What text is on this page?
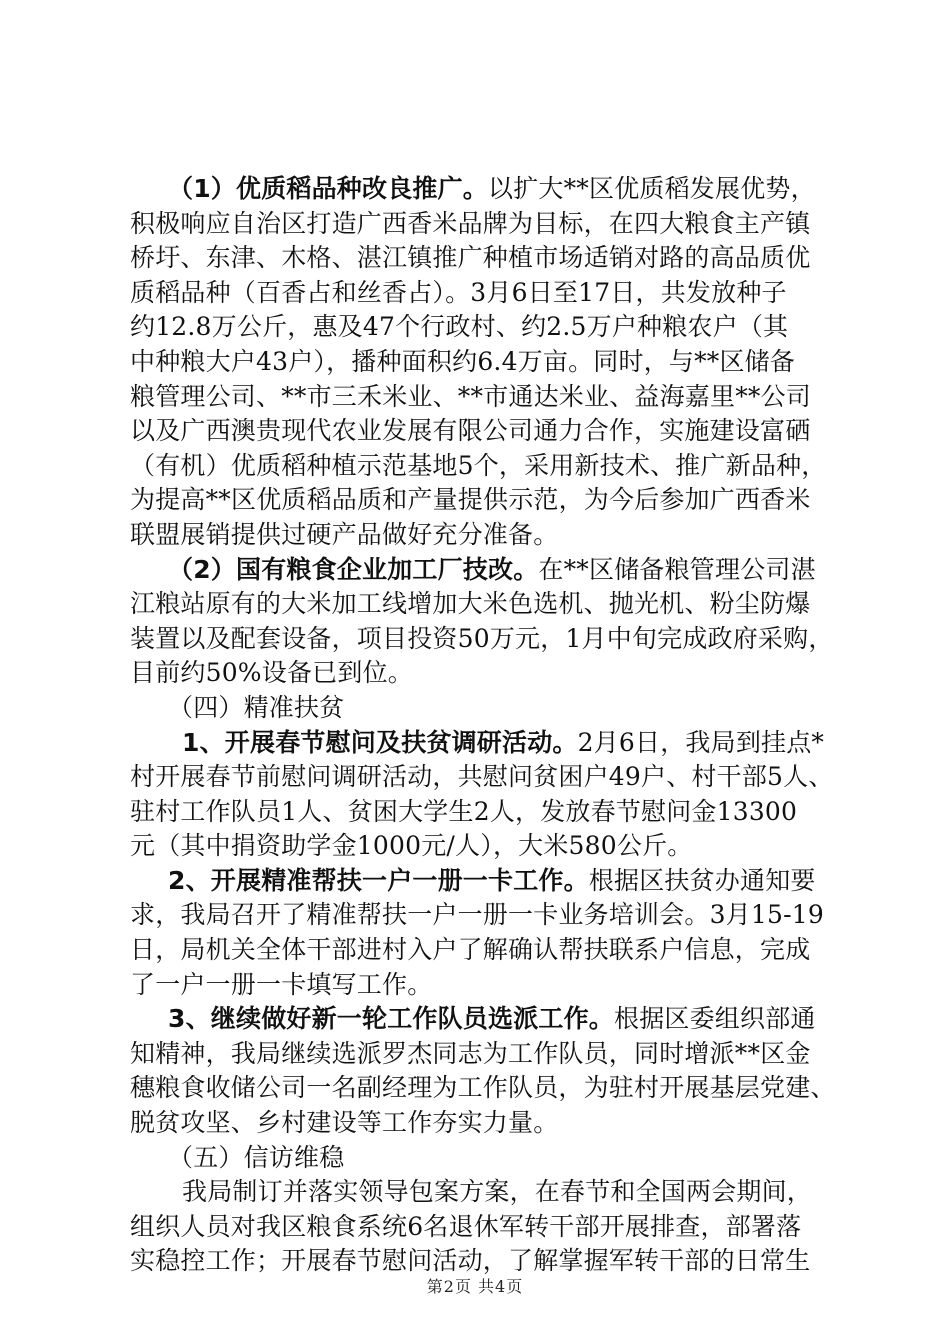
（1）优质稻品种改良推广。以扩大**区优质稻发展优势，
积极响应自治区打造广西香米品牌为目标，在四大粮食主产镇
桥圩、东津、木格、湛江镇推广种植市场适销对路的高品质优
质稻品种（百香占和丝香占）。3月6日至17日，共发放种子
约12.8万公斤，惠及47个行政村、约2.5万户种粮农户（其
中种粮大户43户），播种面积约6.4万亩。同时，与**区储备
粮管理公司、**市三禾米业、**市通达米业、益海嘉里**公司
以及广西澳贵现代农业发展有限公司通力合作，实施建设富硒
（有机）优质稻种植示范基地5个，采用新技术、推广新品种，
为提高**区优质稻品质和产量提供示范，为今后参加广西香米
联盟展销提供过硬产品做好充分准备。
（2）国有粮食企业加工厂技改。在**区储备粮管理公司湛
江粮站原有的大米加工线增加大米色选机、抛光机、粉尘防爆
装置以及配套设备，项目投资50万元，1月中旬完成政府采购，
目前约50%设备已到位。
（四）精准扶贫
1、开展春节慰问及扶贫调研活动。2月6日，我局到挂点*
村开展春节前慰问调研活动，共慰问贫困户49户、村干部5人、
驻村工作队员1人、贫困大学生2人，发放春节慰问金13300
元（其中捐资助学金1000元/人），大米580公斤。
2、开展精准帮扶一户一册一卡工作。根据区扶贫办通知要
求，我局召开了精准帮扶一户一册一卡业务培训会。3月15-19
日，局机关全体干部进村入户了解确认帮扶联系户信息，完成
了一户一册一卡填写工作。
3、继续做好新一轮工作队员选派工作。根据区委组织部通
知精神，我局继续选派罗杰同志为工作队员，同时增派**区金
穗粮食收储公司一名副经理为工作队员，为驻村开展基层党建、
脱贫攻坚、乡村建设等工作夯实力量。
（五）信访维稳
我局制订并落实领导包案方案，在春节和全国两会期间，
组织人员对我区粮食系统6名退休军转干部开展排查，部署落
实稳控工作；开展春节慰问活动，了解掌握军转干部的日常生
第2页 共4页
